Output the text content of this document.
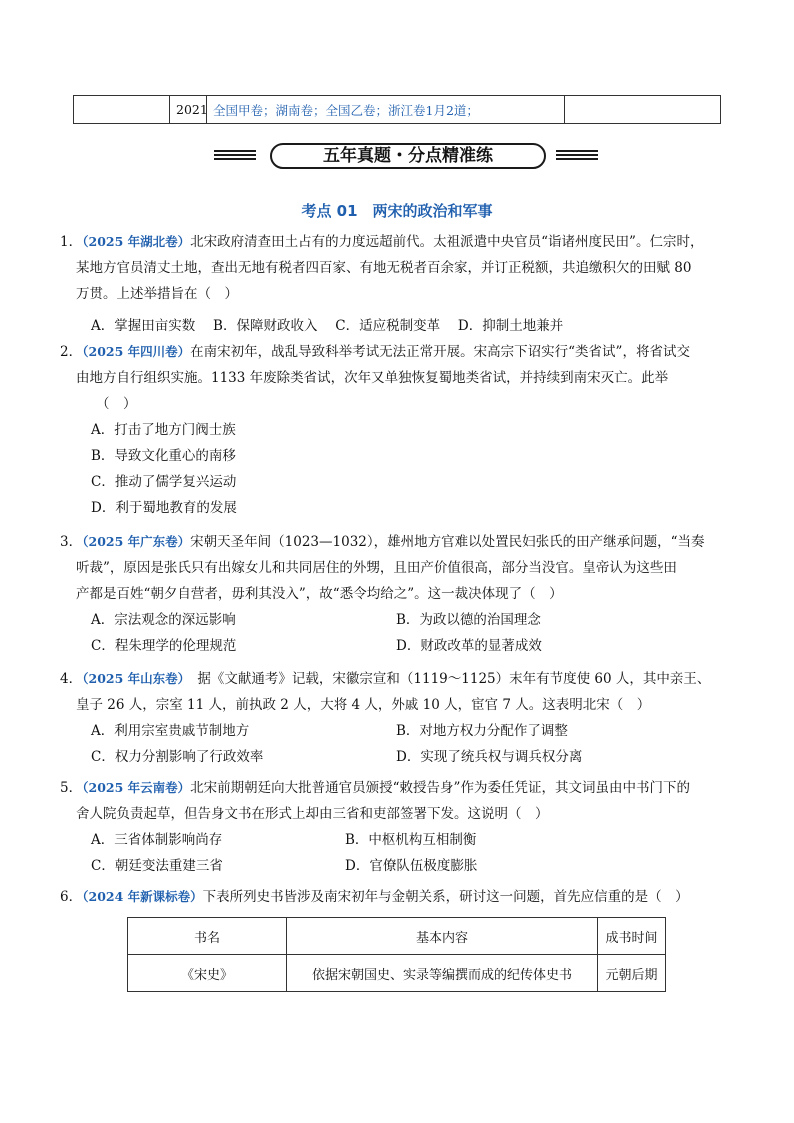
	2021	全国甲卷；湖南卷；全国乙卷；浙江卷1月2道；	
五年真题・分点精准练
考点 01　两宋的政治和军事

1．（2025 年湖北卷）北宋政府清查田土占有的力度远超前代。太祖派遣中央官员“诣诸州度民田”。仁宗时，

某地方官员清丈土地，查出无地有税者四百家、有地无税者百余家，并订正税额，共追缴积欠的田赋 80

万贯。上述举措旨在（　）

A．掌握田亩实数　 B．保障财政收入　 C．适应税制变革　 D．抑制土地兼并

2．（2025 年四川卷）在南宋初年，战乱导致科举考试无法正常开展。宋高宗下诏实行“类省试”，将省试交

由地方自行组织实施。1133 年废除类省试，次年又单独恢复蜀地类省试，并持续到南宋灭亡。此举

（　）

A．打击了地方门阀士族

B．导致文化重心的南移

C．推动了儒学复兴运动

D．利于蜀地教育的发展

3．（2025 年广东卷）宋朝天圣年间（1023—1032），雄州地方官难以处置民妇张氏的田产继承问题，“当奏

听裁”，原因是张氏只有出嫁女儿和共同居住的外甥，且田产价值很高，部分当没官。皇帝认为这些田

产都是百姓“朝夕自营者，毋利其没入”，故“悉令均给之”。这一裁决体现了（　）

A．宗法观念的深远影响	B．为政以德的治国理念

C．程朱理学的伦理规范	D．财政改革的显著成效

4．（2025 年山东卷）　据《文献通考》记载，宋徽宗宣和（1119～1125）末年有节度使 60 人，其中亲王、

皇子 26 人，宗室 11 人，前执政 2 人，大将 4 人，外戚 10 人，宦官 7 人。这表明北宋（　）

A．利用宗室贵戚节制地方	B．对地方权力分配作了调整

C．权力分割影响了行政效率	D．实现了统兵权与调兵权分离

5．（2025 年云南卷）北宋前期朝廷向大批普通官员颁授“敕授告身”作为委任凭证，其文词虽由中书门下的

舍人院负责起草，但告身文书在形式上却由三省和吏部签署下发。这说明（　）

A．三省体制影响尚存	B．中枢机构互相制衡

C．朝廷变法重建三省	D．官僚队伍极度膨胀

6．（2024 年新课标卷）下表所列史书皆涉及南宋初年与金朝关系，研讨这一问题，首先应信重的是（　）

书名	基本内容	成书时间
《宋史》	依据宋朝国史、实录等编撰而成的纪传体史书	元朝后期
